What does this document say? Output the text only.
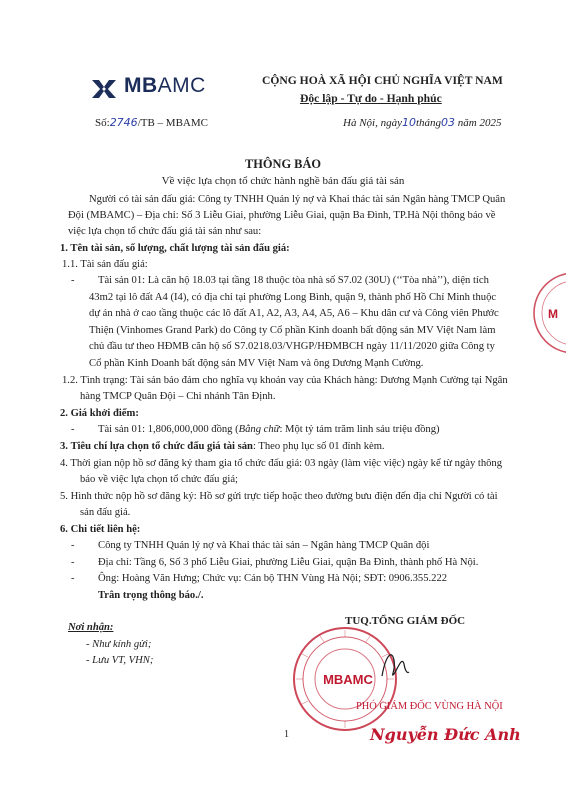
MBAMC	CỘNG HOÀ XÃ HỘI CHỦ NGHĨA VIỆT NAM
Độc lập - Tự do - Hạnh phúc
Số:2746/TB – MBAMC	Hà Nội, ngày10tháng03 năm 2025
THÔNG BÁO
Về việc lựa chọn tổ chức hành nghề bán đấu giá tài sản
Người có tài sản đấu giá: Công ty TNHH Quản lý nợ và Khai thác tài sản Ngân hàng TMCP Quân
Đội (MBAMC) – Địa chỉ: Số 3 Liễu Giai, phường Liễu Giai, quận Ba Đình, TP.Hà Nội thông báo về
việc lựa chọn tổ chức đấu giá tài sản như sau:
1. Tên tài sản, số lượng, chất lượng tài sản đấu giá:
1.1. Tài sản đấu giá:
- Tài sản 01: Là căn hộ 18.03 tại tầng 18 thuộc tòa nhà số S7.02 (30U) (‘‘Tòa nhà’’), diện tích
43m2 tại lô đất A4 (I4), có địa chỉ tại phường Long Bình, quận 9, thành phố Hồ Chí Minh thuộc
dự án nhà ở cao tầng thuộc các lô đất A1, A2, A3, A4, A5, A6 – Khu dân cư và Công viên Phước
Thiện (Vinhomes Grand Park) do Công ty Cổ phần Kinh doanh bất động sản MV Việt Nam làm
chủ đầu tư theo HĐMB căn hộ số S7.0218.03/VHGP/HĐMBCH ngày 11/11/2020 giữa Công ty
Cổ phần Kinh Doanh bất động sản MV Việt Nam và ông Dương Mạnh Cường.
1.2. Tình trạng: Tài sản bảo đảm cho nghĩa vụ khoản vay của Khách hàng: Dương Mạnh Cường tại Ngân
hàng TMCP Quân Đội – Chi nhánh Tân Định.
2. Giá khởi điểm:
- Tài sản 01: 1,806,000,000 đồng (Bằng chữ: Một tỷ tám trăm linh sáu triệu đồng)
3. Tiêu chí lựa chọn tổ chức đấu giá tài sản: Theo phụ lục số 01 đính kèm.
4. Thời gian nộp hồ sơ đăng ký tham gia tổ chức đấu giá: 03 ngày (làm việc việc) ngày kể từ ngày thông
báo về việc lựa chọn tổ chức đấu giá;
5. Hình thức nộp hồ sơ đăng ký: Hồ sơ gửi trực tiếp hoặc theo đường bưu điện đến địa chỉ Người có tài
sản đấu giá.
6. Chi tiết liên hệ:
- Công ty TNHH Quản lý nợ và Khai thác tài sản – Ngân hàng TMCP Quân đội
- Địa chỉ: Tầng 6, Số 3 phố Liễu Giai, phường Liễu Giai, quận Ba Đình, thành phố Hà Nội.
- Ông: Hoàng Văn Hưng; Chức vụ: Cán bộ THN Vùng Hà Nội; SĐT: 0906.355.222
Trân trọng thông báo./.
Nơi nhận:
- Như kính gửi;
- Lưu VT, VHN;
TUQ.TỔNG GIÁM ĐỐC
MBAMC
PHÓ GIÁM ĐỐC VÙNG HÀ NỘI
Nguyễn Đức Anh
M
1
